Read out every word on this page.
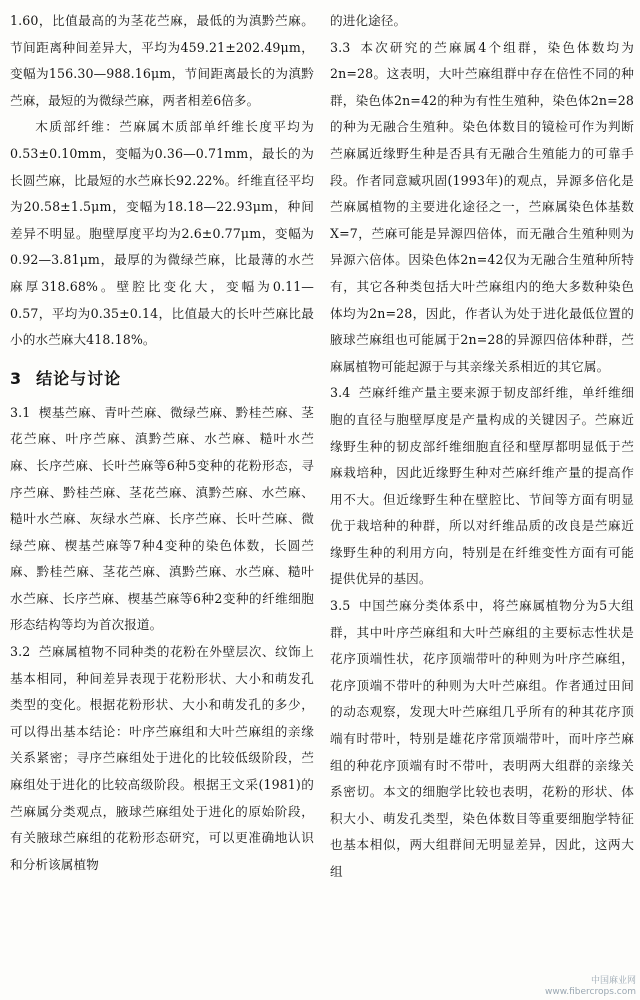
1.60，比值最高的为茎花苎麻，最低的为滇黔苎麻。节间距离种间差异大，平均为459.21±202.49μm，变幅为156.30—988.16μm，节间距离最长的为滇黔苎麻，最短的为微绿苎麻，两者相差6倍多。

木质部纤维：苎麻属木质部单纤维长度平均为0.53±0.10mm，变幅为0.36—0.71mm，最长的为长圆苎麻，比最短的水苎麻长92.22%。纤维直径平均为20.58±1.5μm，变幅为18.18—22.93μm，种间差异不明显。胞壁厚度平均为2.6±0.77μm，变幅为0.92—3.81μm，最厚的为微绿苎麻，比最薄的水苎麻厚318.68%。壁腔比变化大，变幅为0.11—0.57，平均为0.35±0.14，比值最大的长叶苎麻比最小的水苎麻大418.18%。

3 结论与讨论

3.1 楔基苎麻、青叶苎麻、微绿苎麻、黔桂苎麻、茎花苎麻、叶序苎麻、滇黔苎麻、水苎麻、糙叶水苎麻、长序苎麻、长叶苎麻等6种5变种的花粉形态，寻序苎麻、黔桂苎麻、茎花苎麻、滇黔苎麻、水苎麻、糙叶水苎麻、灰绿水苎麻、长序苎麻、长叶苎麻、微绿苎麻、楔基苎麻等7种4变种的染色体数，长圆苎麻、黔桂苎麻、茎花苎麻、滇黔苎麻、水苎麻、糙叶水苎麻、长序苎麻、楔基苎麻等6种2变种的纤维细胞形态结构等均为首次报道。

3.2 苎麻属植物不同种类的花粉在外壁层次、纹饰上基本相同，种间差异表现于花粉形状、大小和萌发孔类型的变化。根据花粉形状、大小和萌发孔的多少，可以得出基本结论：叶序苎麻组和大叶苎麻组的亲缘关系紧密；寻序苎麻组处于进化的比较低级阶段，苎麻组处于进化的比较高级阶段。根据王文采(1981)的苎麻属分类观点，腋球苎麻组处于进化的原始阶段，有关腋球苎麻组的花粉形态研究，可以更准确地认识和分析该属植物

的进化途径。

3.3 本次研究的苎麻属4个组群，染色体数均为2n=28。这表明，大叶苎麻组群中存在倍性不同的种群，染色体2n=42的种为有性生殖种，染色体2n=28的种为无融合生殖种。染色体数目的镜检可作为判断苎麻属近缘野生种是否具有无融合生殖能力的可靠手段。作者同意臧巩固(1993年)的观点，异源多倍化是苎麻属植物的主要进化途径之一，苎麻属染色体基数X=7，苎麻可能是异源四倍体，而无融合生殖种则为异源六倍体。因染色体2n=42仅为无融合生殖种所特有，其它各种类包括大叶苎麻组内的绝大多数种染色体均为2n=28，因此，作者认为处于进化最低位置的腋球苎麻组也可能属于2n=28的异源四倍体种群，苎麻属植物可能起源于与其亲缘关系相近的其它属。

3.4 苎麻纤维产量主要来源于韧皮部纤维，单纤维细胞的直径与胞壁厚度是产量构成的关键因子。苎麻近缘野生种的韧皮部纤维细胞直径和壁厚都明显低于苎麻栽培种，因此近缘野生种对苎麻纤维产量的提高作用不大。但近缘野生种在壁腔比、节间等方面有明显优于栽培种的种群，所以对纤维品质的改良是苎麻近缘野生种的利用方向，特别是在纤维变性方面有可能提供优异的基因。

3.5 中国苎麻分类体系中，将苎麻属植物分为5大组群，其中叶序苎麻组和大叶苎麻组的主要标志性状是花序顶端性状，花序顶端带叶的种则为叶序苎麻组，花序顶端不带叶的种则为大叶苎麻组。作者通过田间的动态观察，发现大叶苎麻组几乎所有的种其花序顶端有时带叶，特别是雄花序常顶端带叶，而叶序苎麻组的种花序顶端有时不带叶，表明两大组群的亲缘关系密切。本文的细胞学比较也表明，花粉的形状、体积大小、萌发孔类型，染色体数目等重要细胞学特征也基本相似，两大组群间无明显差异，因此，这两大组

中国麻业网
www.fibercrops.com
